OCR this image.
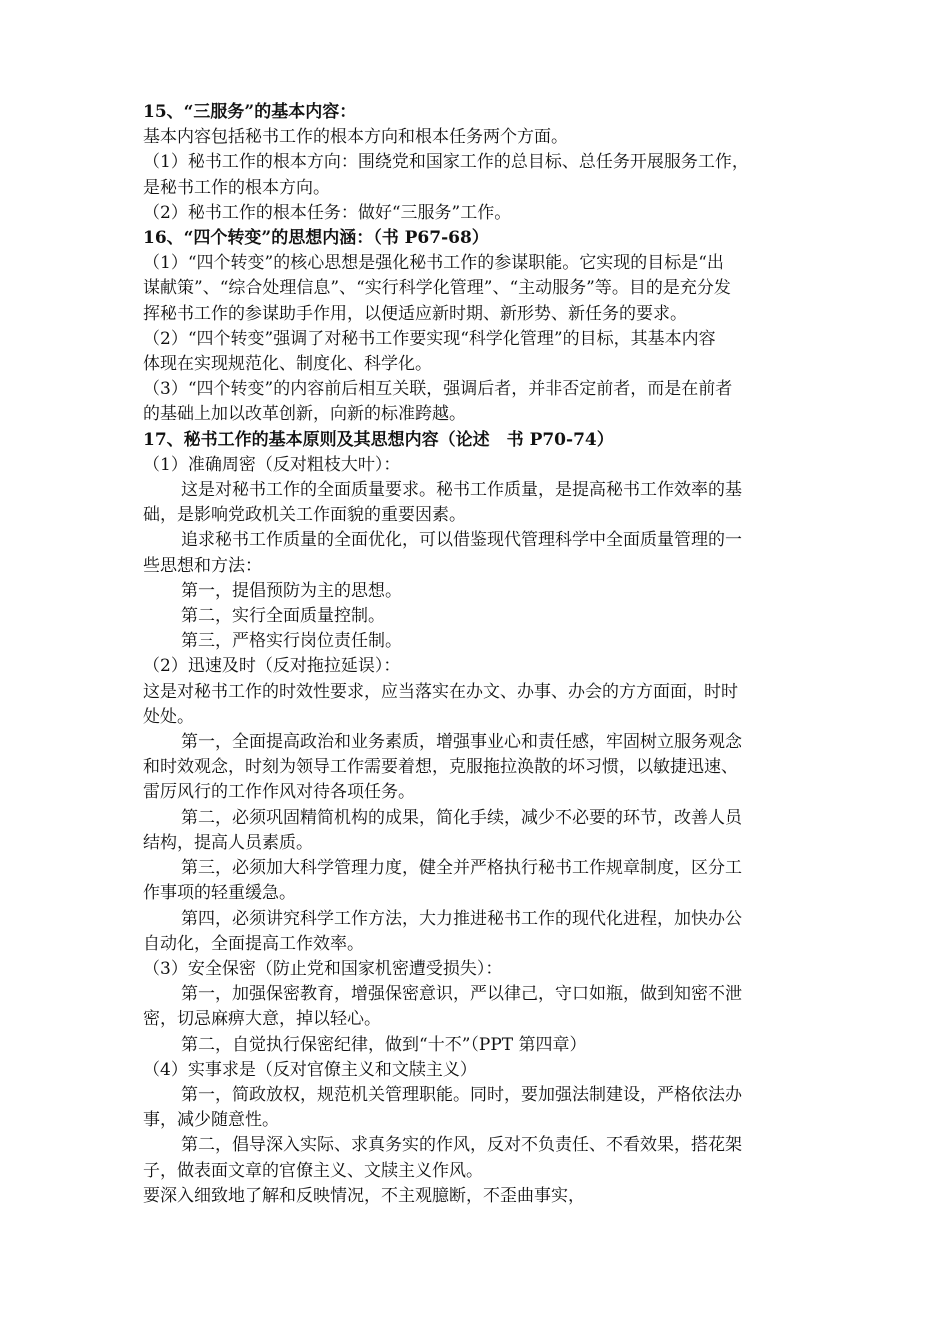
15、“三服务”的基本内容：

基本内容包括秘书工作的根本方向和根本任务两个方面。

（1）秘书工作的根本方向：围绕党和国家工作的总目标、总任务开展服务工作，

是秘书工作的根本方向。

（2）秘书工作的根本任务：做好“三服务”工作。

16、“四个转变”的思想内涵：（书 P67-68）

（1）“四个转变”的核心思想是强化秘书工作的参谋职能。它实现的目标是“出

谋献策”、“综合处理信息”、“实行科学化管理”、“主动服务”等。目的是充分发

挥秘书工作的参谋助手作用，以便适应新时期、新形势、新任务的要求。

（2）“四个转变”强调了对秘书工作要实现“科学化管理”的目标，其基本内容

体现在实现规范化、制度化、科学化。

（3）“四个转变”的内容前后相互关联，强调后者，并非否定前者，而是在前者

的基础上加以改革创新，向新的标准跨越。

17、秘书工作的基本原则及其思想内容（论述　书 P70-74）

（1）准确周密（反对粗枝大叶）：

这是对秘书工作的全面质量要求。秘书工作质量，是提高秘书工作效率的基

础，是影响党政机关工作面貌的重要因素。

追求秘书工作质量的全面优化，可以借鉴现代管理科学中全面质量管理的一

些思想和方法：

第一，提倡预防为主的思想。

第二，实行全面质量控制。

第三，严格实行岗位责任制。

（2）迅速及时（反对拖拉延误）：

这是对秘书工作的时效性要求，应当落实在办文、办事、办会的方方面面，时时

处处。

第一，全面提高政治和业务素质，增强事业心和责任感，牢固树立服务观念

和时效观念，时刻为领导工作需要着想，克服拖拉涣散的坏习惯，以敏捷迅速、

雷厉风行的工作作风对待各项任务。

第二，必须巩固精简机构的成果，简化手续，减少不必要的环节，改善人员

结构，提高人员素质。

第三，必须加大科学管理力度，健全并严格执行秘书工作规章制度，区分工

作事项的轻重缓急。

第四，必须讲究科学工作方法，大力推进秘书工作的现代化进程，加快办公

自动化，全面提高工作效率。

（3）安全保密（防止党和国家机密遭受损失）：

第一，加强保密教育，增强保密意识，严以律己，守口如瓶，做到知密不泄

密，切忌麻痹大意，掉以轻心。

第二，自觉执行保密纪律，做到“十不”（PPT 第四章）

（4）实事求是（反对官僚主义和文牍主义）

第一，简政放权，规范机关管理职能。同时，要加强法制建设，严格依法办

事，减少随意性。

第二，倡导深入实际、求真务实的作风，反对不负责任、不看效果，搭花架

子，做表面文章的官僚主义、文牍主义作风。

要深入细致地了解和反映情况，不主观臆断，不歪曲事实，
